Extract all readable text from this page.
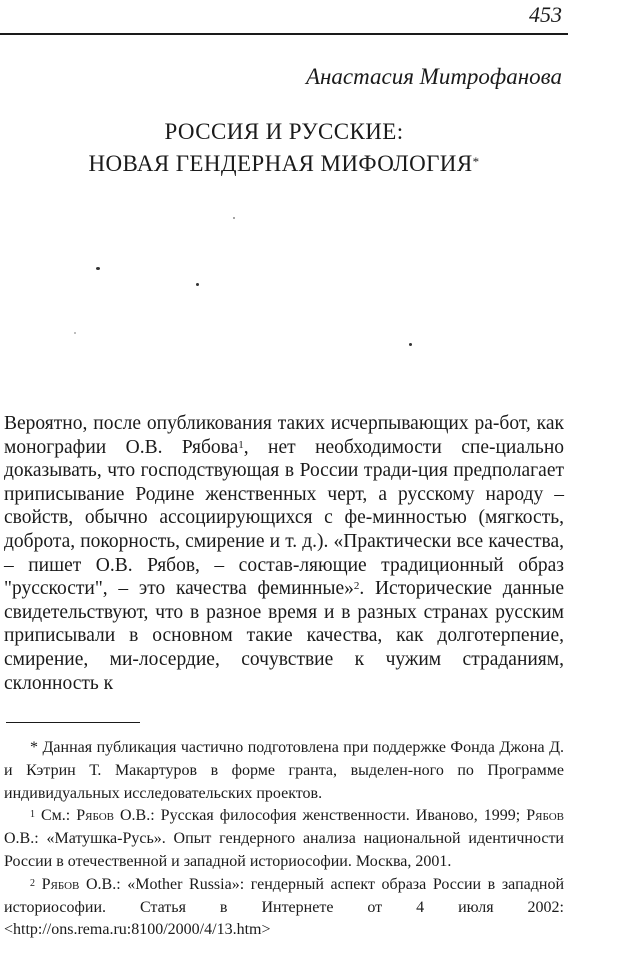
453
Анастасия Митрофанова
РОССИЯ И РУССКИЕ:
НОВАЯ ГЕНДЕРНАЯ МИФОЛОГИЯ*

Вероятно, после опубликования таких исчерпывающих ра-бот, как монографии О.В. Рябова$^1$, нет необходимости спе-циально доказывать, что господствующая в России тради-ция предполагает приписывание Родине женственных черт, а русскому народу – свойств, обычно ассоциирующихся с фе-минностью (мягкость, доброта, покорность, смирение и т. д.). «Практически все качества, – пишет О.В. Рябов, – состав-ляющие традиционный образ "русскости", – это качества феминные»$^2$. Исторические данные свидетельствуют, что в разное время и в разных странах русским приписывали в основном такие качества, как долготерпение, смирение, ми-лосердие, сочувствие к чужим страданиям, склонность к

* Данная публикация частично подготовлена при поддержке Фонда Джона Д. и Кэтрин Т. Макартуров в форме гранта, выделен-ного по Программе индивидуальных исследовательских проектов.

$^1$ См.: Рябов О.В.: Русская философия женственности. Иваново, 1999; Рябов О.В.: «Матушка-Русь». Опыт гендерного анализа национальной идентичности России в отечественной и западной историософии. Москва, 2001.

$^2$ Рябов О.В.: «Mother Russia»: гендерный аспект образа России в западной историософии. Статья в Интернете от 4 июля 2002: <http://ons.rema.ru:8100/2000/4/13.htm>
